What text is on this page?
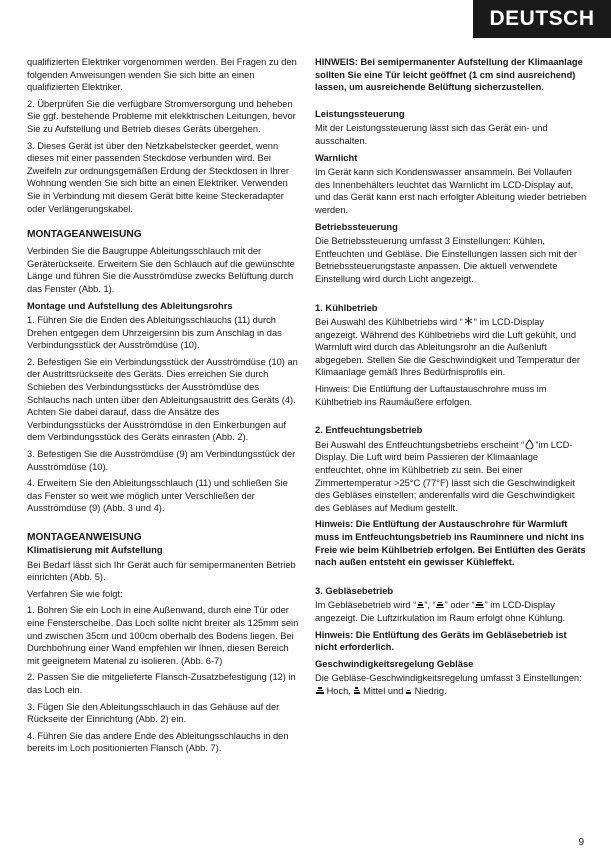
DEUTSCH

qualifizierten Elektriker vorgenommen werden. Bei Fragen zu den folgenden Anweisungen wenden Sie sich bitte an einen qualifizierten Elektriker.

2. Überprüfen Sie die verfügbare Stromversorgung und beheben Sie ggf. bestehende Probleme mit elekktrischen Leitungen, bevor Sie zu Aufstellung und Betrieb dieses Geräts übergehen.

3. Dieses Gerät ist über den Netzkabelstecker geerdet, wenn dieses mit einer passenden Steckdose verbunden wird. Bei Zweifeln zur ordnungsgemäßen Erdung der Steckdosen in Ihrer Wohnung wenden Sie sich bitte an einen Elektriker. Verwenden Sie in Verbindung mit diesem Gerät bitte keine Steckeradapter oder Verlängerungskabel.

MONTAGEANWEISUNG

Verbinden Sie die Baugruppe Ableitungsschlauch mit der Geräterückseite. Erweitern Sie den Schlauch auf die gewünschte Länge und führen Sie die Ausströmdüse zwecks Belüftung durch das Fenster (Abb. 1).

Montage und Aufstellung des Ableitungsrohrs

1. Führen Sie die Enden des Ableitungsschlauchs (11) durch Drehen entgegen dem Uhrzeigersinn bis zum Anschlag in das Verbindungsstück der Ausströmdüse (10).

2. Befestigen Sie ein Verbindungsstück der Ausströmdüse (10) an der Austrittsrückseite des Geräts. Dies erreichen Sie durch Schieben des Verbindungsstücks der Ausströmdüse des Schlauchs nach unten über den Ableitungsaustritt des Geräts (4). Achten Sie dabei darauf, dass die Ansätze des Verbindungsstücks der Ausströmdüse in den Einkerbungen auf dem Verbindungsstück des Geräts einrasten (Abb. 2).

3. Befestigen Sie die Ausströmdüse (9) am Verbindungsstück der Ausströmdüse (10).

4. Erweitern Sie den Ableitungsschlauch (11) und schließen Sie das Fenster so weit wie möglich unter Verschließen der Ausströmdüse (9) (Abb. 3 und 4).

MONTAGEANWEISUNG
Klimatisierung mit Aufstellung

Bei Bedarf lässt sich Ihr Gerät auch für semipermanenten Betrieb einrichten (Abb. 5).

Verfahren Sie wie folgt:

1. Bohren Sie ein Loch in eine Außenwand, durch eine Tür oder eine Fensterscheibe. Das Loch sollte nicht breiter als 125mm sein und zwischen 35cm und 100cm oberhalb des Bodens liegen. Bei Durchbohrung einer Wand empfehlen wir Ihnen, diesen Bereich mit geeignetem Material zu isolieren. (Abb. 6-7)

2. Passen Sie die mitgelieferte Flansch-Zusatzbefestigung (12) in das Loch ein.

3. Fügen Sie den Ableitungsschlauch in das Gehäuse auf der Rückseite der Einrichtung (Abb. 2) ein.

4. Führen Sie das andere Ende des Ableitungsschlauchs in den bereits im Loch positionierten Flansch (Abb. 7).

HINWEIS: Bei semipermanenter Aufstellung der Klimaanlage sollten Sie eine Tür leicht geöffnet (1 cm sind ausreichend) lassen, um ausreichende Belüftung sicherzustellen.

Leistungssteuerung

Mit der Leistungssteuerung lässt sich das Gerät ein- und ausschalten.

Warnlicht

Im Gerät kann sich Kondenswasser ansammeln. Bei Vollaufen des Innenbehälters leuchtet das Warnlicht im LCD-Display auf, und das Gerät kann erst nach erfolgter Ableitung wieder betrieben werden.

Betriebssteuerung

Die Betriebssteuerung umfasst 3 Einstellungen: Kühlen, Entfeuchten und Gebläse. Die Einstellungen lassen sich mit der Betriebssteuerungstaste anpassen. Die aktuell verwendete Einstellung wird durch Licht angezeigt.

1. Kühlbetrieb

Bei Auswahl des Kühlbetriebs wird “ ” im LCD-Display angezeigt. Während des Kühlbetriebs wird die Luft gekühlt, und Warmluft wird durch das Ableitungsrohr an die Außenluft abgegeben. Stellen Sie die Geschwindigkeit und Temperatur der Klimaanlage gemäß Ihres Bedürfnisprofils ein.

Hinweis: Die Entlüftung der Luftaustauschrohre muss im Kühlbetrieb ins Raumäußere erfolgen.

2. Entfeuchtungsbetrieb

Bei Auswahl des Entfeuchtungsbetriebs erscheint “ ”im LCD-Display. Die Luft wird beim Passieren der Klimaanlage entfeuchtet, ohne im Kühlbetrieb zu sein. Bei einer Zimmertemperatur >25°C (77°F) lässt sich die Geschwindigkeit des Gebläses einstellen; anderenfalls wird die Geschwindigkeit des Gebläses auf Medium gestellt.

Hinweis: Die Entlüftung der Austauschrohre für Warmluft muss im Entfeuchtungsbetrieb ins Rauminnere und nicht ins Freie wie beim Kühlbetrieb erfolgen. Bei Entlüften des Geräts nach außen entsteht ein gewisser Kühleffekt.

3. Gebläsebetrieb

Im Gebläsebetrieb wird “ ”, “ ” oder “ ” im LCD-Display angezeigt. Die Luftzirkulation im Raum erfolgt ohne Kühlung.

Hinweis: Die Entlüftung des Geräts im Gebläsebetrieb ist nicht erforderlich.

Geschwindigkeitsregelung Gebläse

Die Gebläse-Geschwindigkeitsregelung umfasst 3 Einstellungen:

Hoch, Mittel und Niedrig.

9
